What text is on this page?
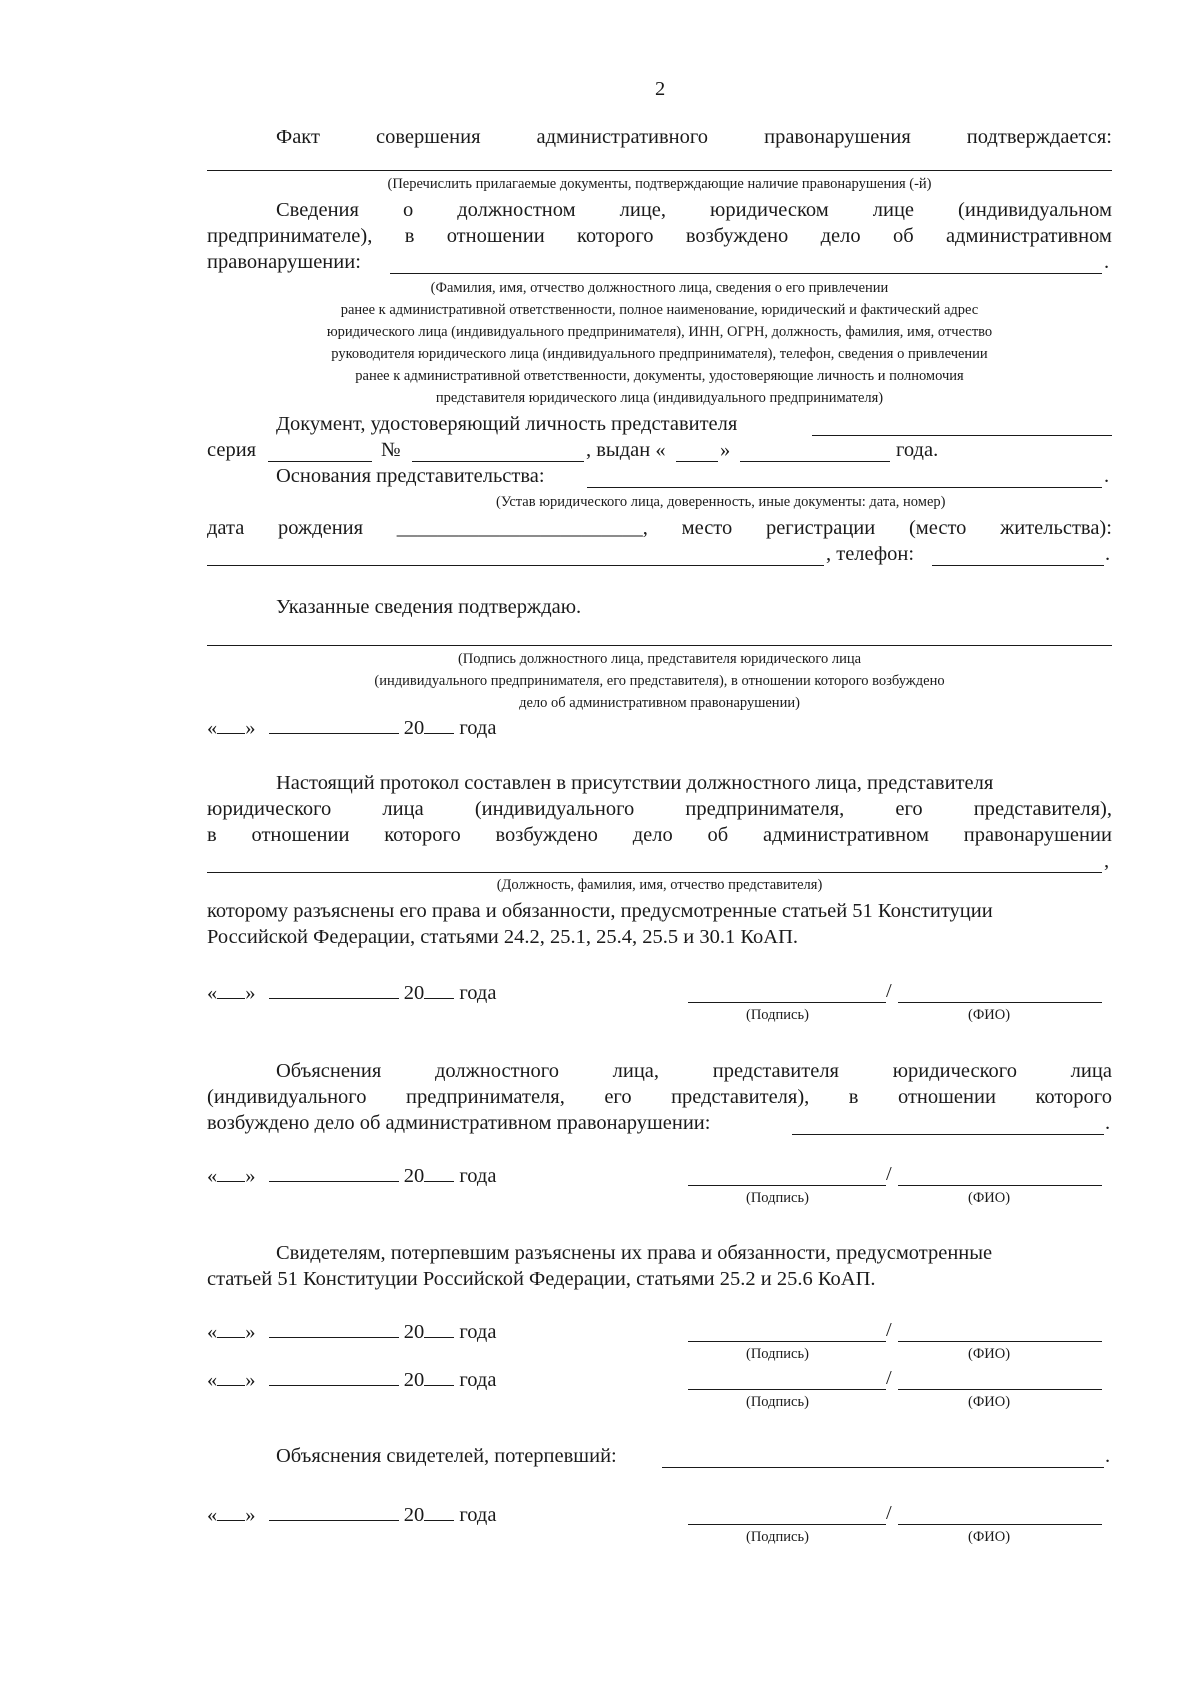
2
Факт	совершения	административного	правонарушения	подтверждается:
(Перечислить прилагаемые документы, подтверждающие наличие правонарушения (-й)
Сведения о должностном лице, юридическом лице (индивидуальном
предпринимателе), в отношении которого возбуждено дело об административном
правонарушении:	.
(Фамилия, имя, отчество должностного лица, сведения о его привлечении
ранее к административной ответственности, полное наименование, юридический и фактический адрес
юридического лица (индивидуального предпринимателя), ИНН, ОГРН, должность, фамилия, имя, отчество
руководителя юридического лица (индивидуального предпринимателя), телефон, сведения о привлечении
ранее к административной ответственности, документы, удостоверяющие личность и полномочия
представителя юридического лица (индивидуального предпринимателя)
Документ, удостоверяющий личность представителя
серия	№	, выдан «	»	года.
Основания представительства:	.
(Устав юридического лица, доверенность, иные документы: дата, номер)
дата рождения ________________________, место регистрации (место жительства):
, телефон:	.
Указанные сведения подтверждаю.
(Подпись должностного лица, представителя юридического лица
(индивидуального предпринимателя, его представителя), в отношении которого возбуждено
дело об административном правонарушении)
« »	20 года
Настоящий протокол составлен в присутствии должностного лица, представителя
юридического лица (индивидуального предпринимателя, его представителя),
в отношении которого возбуждено дело об административном правонарушении
,
(Должность, фамилия, имя, отчество представителя)
которому разъяснены его права и обязанности, предусмотренные статьей 51 Конституции
Российской Федерации, статьями 24.2, 25.1, 25.4, 25.5 и 30.1 КоАП.
« »	20 года	/
(Подпись)	(ФИО)
Объяснения	должностного	лица,	представителя	юридического	лица
(индивидуального предпринимателя, его представителя), в отношении которого
возбуждено дело об административном правонарушении:	.
« »	20 года	/
(Подпись)	(ФИО)
Свидетелям, потерпевшим разъяснены их права и обязанности, предусмотренные
статьей 51 Конституции Российской Федерации, статьями 25.2 и 25.6 КоАП.
« »	20 года	/
(Подпись)	(ФИО)
« »	20 года	/
(Подпись)	(ФИО)
Объяснения свидетелей, потерпевший:	.
« »	20 года	/
(Подпись)	(ФИО)
